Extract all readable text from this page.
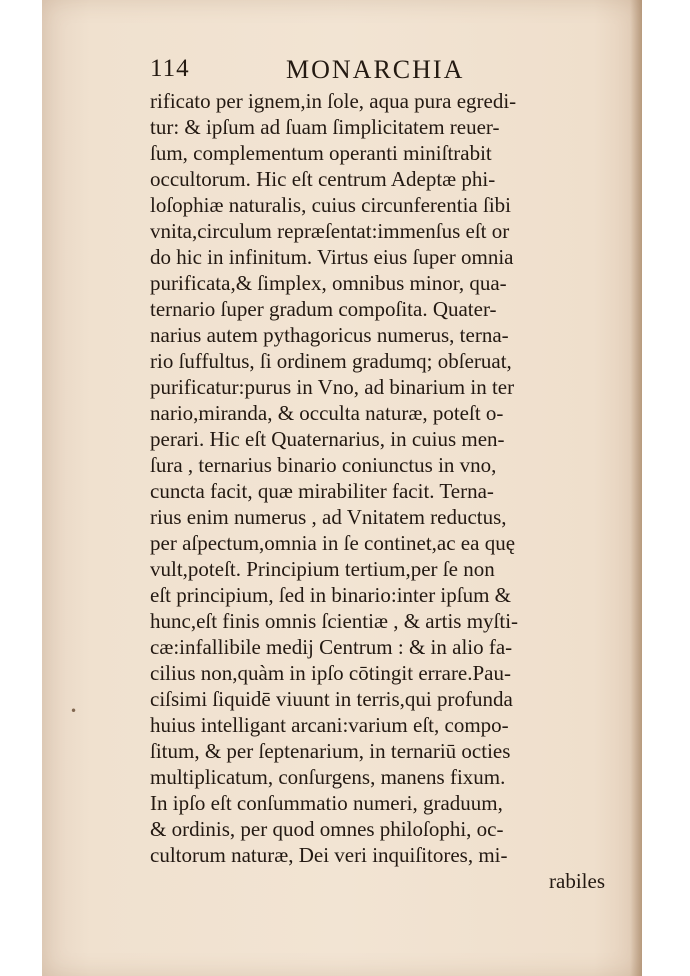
114	MONARCHIA
•
rificato per ignem,in ſole, aqua pura egredi-
tur: & ipſum ad ſuam ſimplicitatem reuer-
ſum, complementum operanti miniſtrabit
occultorum. Hic eſt centrum Adeptæ phi-
loſophiæ naturalis, cuius circunferentia ſibi
vnita,circulum repræſentat:immenſus eſt or
do hic in infinitum. Virtus eius ſuper omnia
purificata,& ſimplex, omnibus minor, qua-
ternario ſuper gradum compoſita. Quater-
narius autem pythagoricus numerus, terna-
rio ſuffultus, ſi ordinem gradumq; obſeruat,
purificatur:purus in Vno, ad binarium in ter
nario,miranda, & occulta naturæ, poteſt o-
perari. Hic eſt Quaternarius, in cuius men-
ſura , ternarius binario coniunctus in vno,
cuncta facit, quæ mirabiliter facit. Terna-
rius enim numerus , ad Vnitatem reductus,
per aſpectum,omnia in ſe continet,ac ea quę
vult,poteſt. Principium tertium,per ſe non
eſt principium, ſed in binario:inter ipſum &
hunc,eſt finis omnis ſcientiæ , & artis myſti-
cæ:infallibile medij Centrum : & in alio fa-
cilius non,quàm in ipſo cōtingit errare.Pau-
ciſsimi ſiquidē viuunt in terris,qui profunda
huius intelligant arcani:varium eſt, compo-
ſitum, & per ſeptenarium, in ternariū octies
multiplicatum, conſurgens, manens fixum.
In ipſo eſt conſummatio numeri, graduum,
& ordinis, per quod omnes philoſophi, oc-
cultorum naturæ, Dei veri inquiſitores, mi-
rabiles
